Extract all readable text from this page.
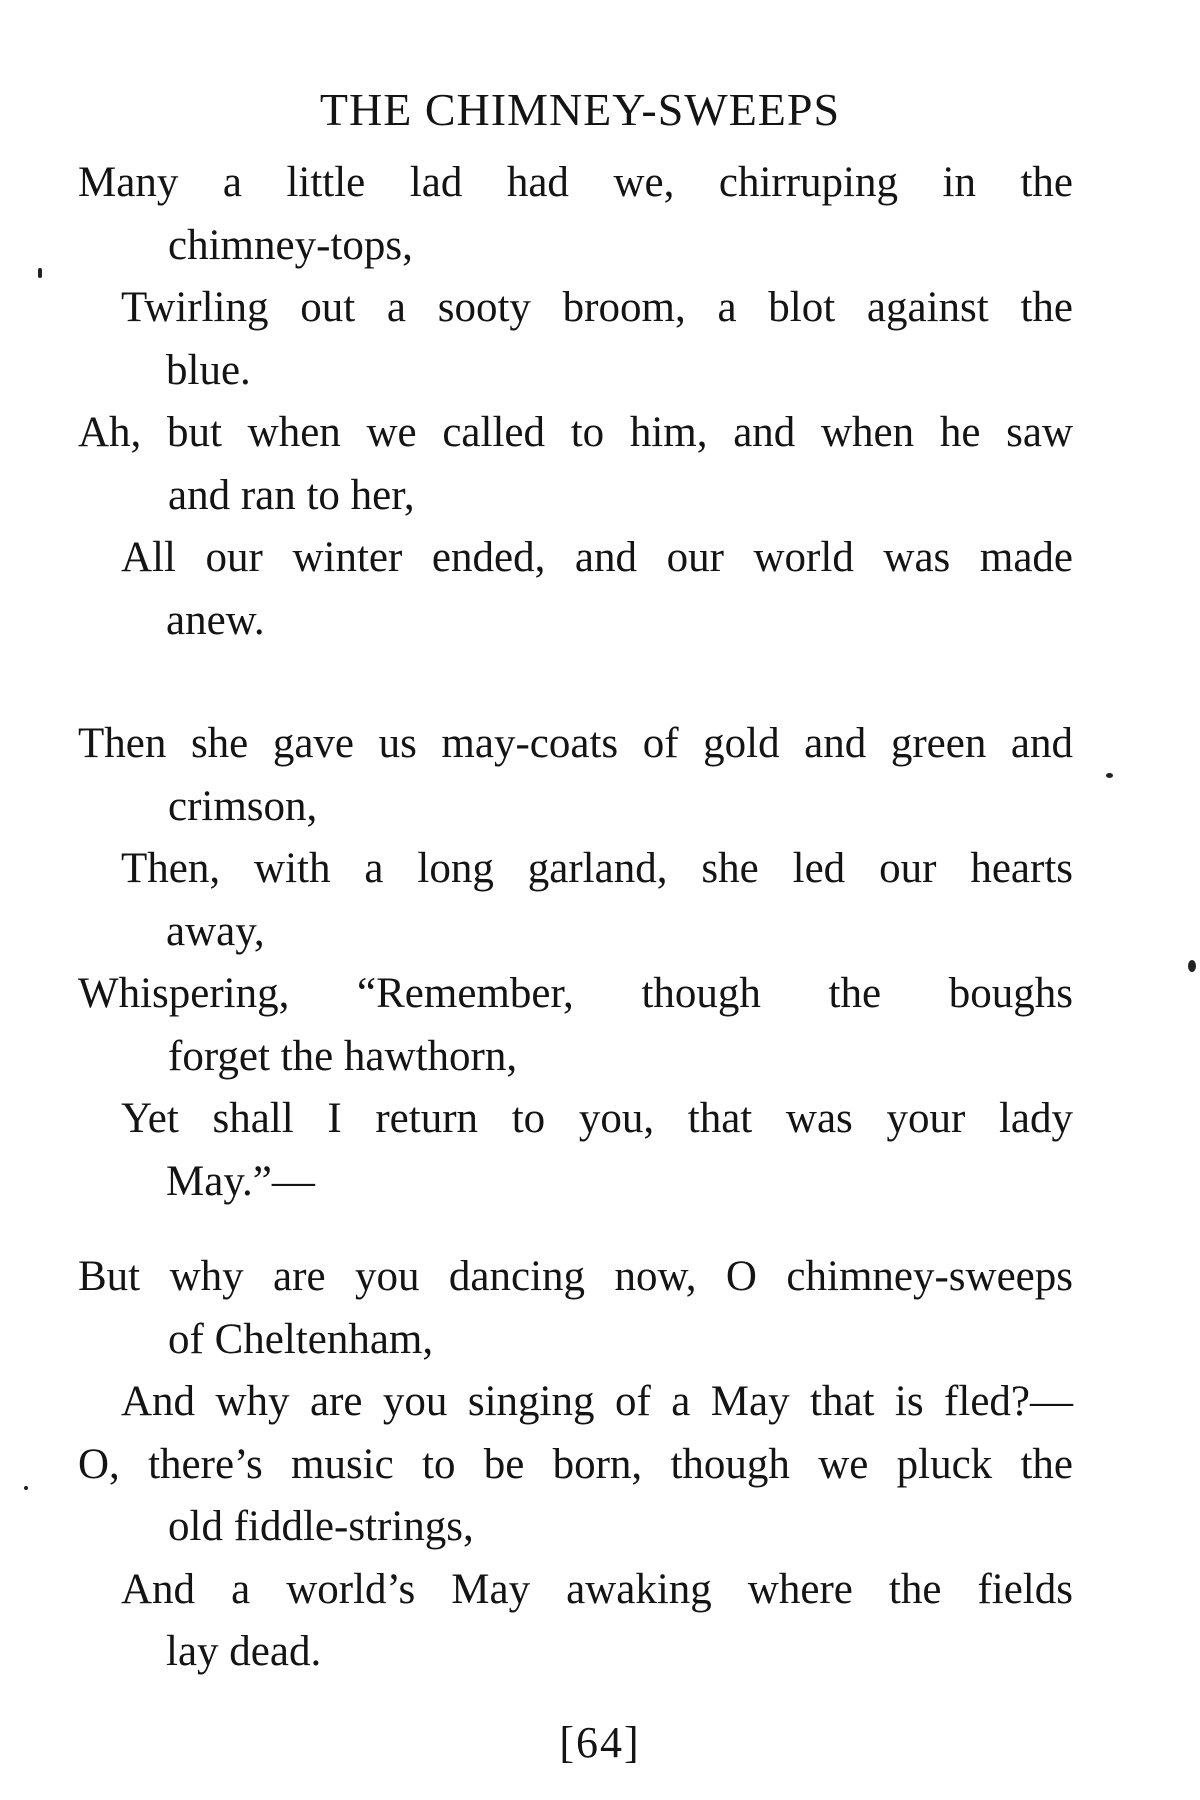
THE CHIMNEY-SWEEPS
Many a little lad had we, chirruping in the
chimney-tops,
Twirling out a sooty broom, a blot against the
blue.
Ah, but when we called to him, and when he saw
and ran to her,
All our winter ended, and our world was made
anew.
Then she gave us may-coats of gold and green and
crimson,
Then, with a long garland, she led our hearts
away,
Whispering, “Remember, though the boughs
forget the hawthorn,
Yet shall I return to you, that was your lady
May.”—
But why are you dancing now, O chimney-sweeps
of Cheltenham,
And why are you singing of a May that is fled?—
O, there’s music to be born, though we pluck the
old fiddle-strings,
And a world’s May awaking where the fields
lay dead.
[64]
